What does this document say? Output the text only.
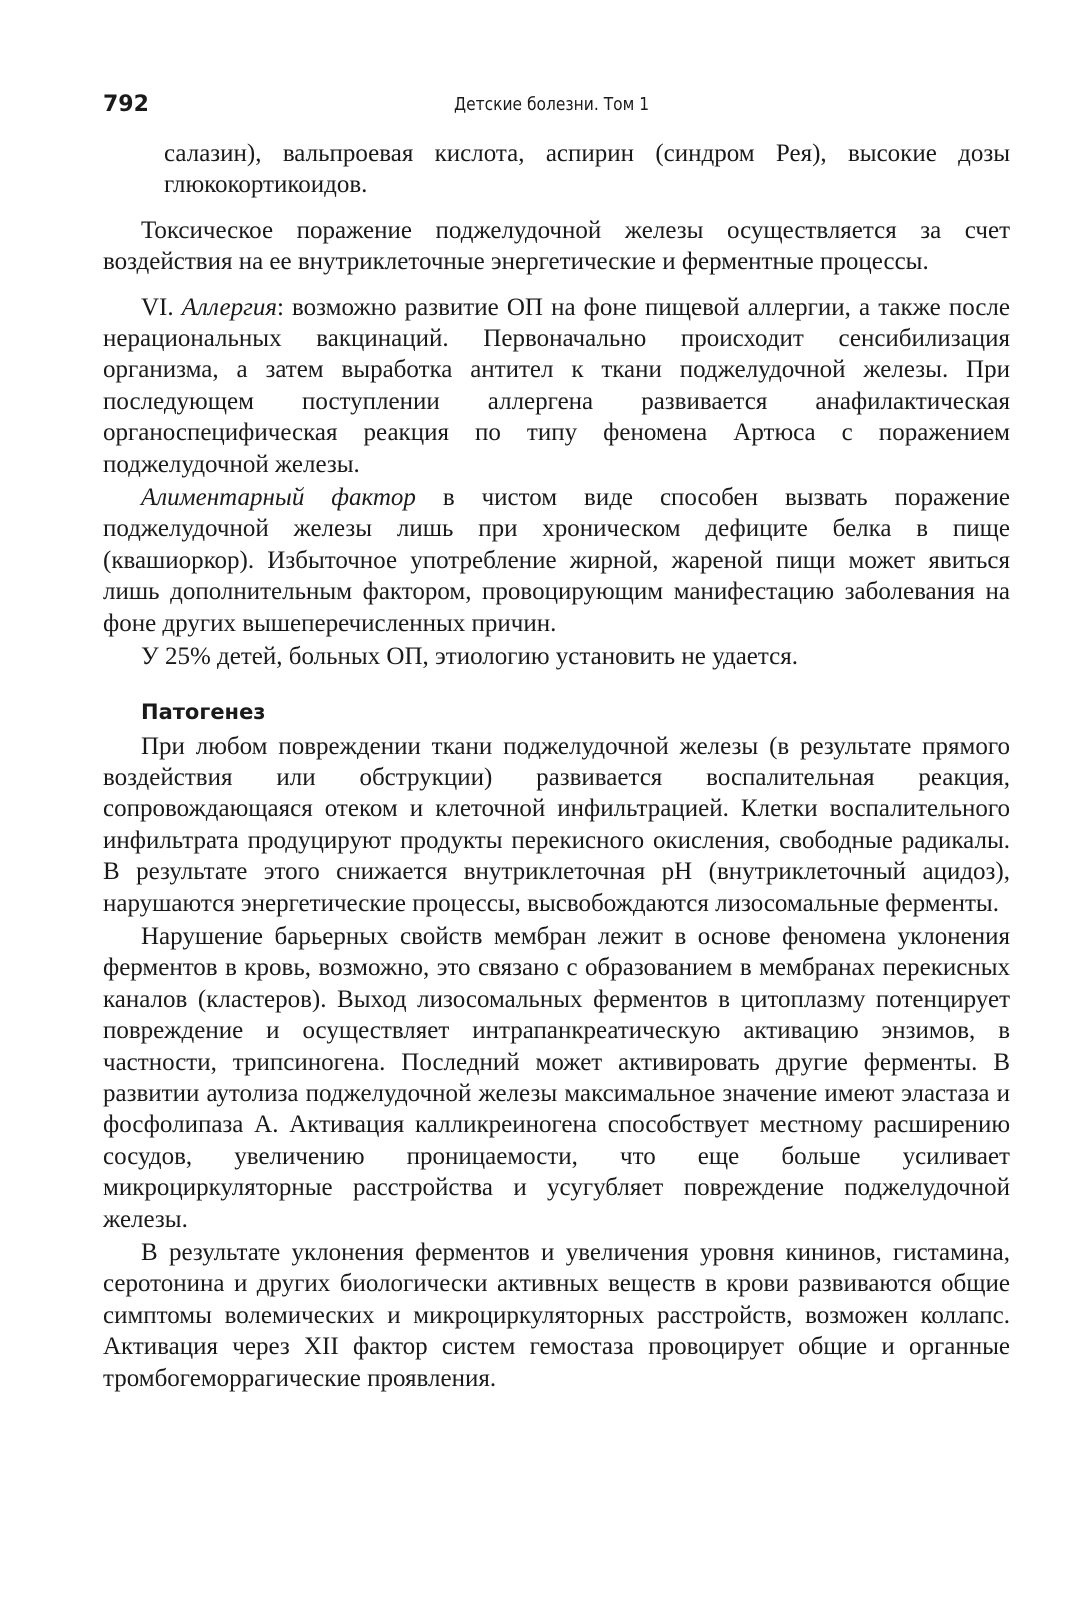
792	Детские болезни. Том 1

салазин), вальпроевая кислота, аспирин (синдром Рея), высокие дозы глюкокортикоидов.

Токсическое поражение поджелудочной железы осуществляется за счет воздействия на ее внутриклеточные энергетические и ферментные процессы.

VI. Аллергия: возможно развитие ОП на фоне пищевой аллергии, а также после нерациональных вакцинаций. Первоначально происходит сенсибилизация организма, а затем выработка антител к ткани поджелудочной железы. При последующем поступлении аллергена развивается анафилактическая органоспецифическая реакция по типу феномена Артюса с поражением поджелудочной железы.

Алиментарный фактор в чистом виде способен вызвать поражение поджелудочной железы лишь при хроническом дефиците белка в пище (квашиоркор). Избыточное употребление жирной, жареной пищи может явиться лишь дополнительным фактором, провоцирующим манифестацию заболевания на фоне других вышеперечисленных причин.

У 25% детей, больных ОП, этиологию установить не удается.

Патогенез

При любом повреждении ткани поджелудочной железы (в результате прямого воздействия или обструкции) развивается воспалительная реакция, сопровождающаяся отеком и клеточной инфильтрацией. Клетки воспалительного инфильтрата продуцируют продукты перекисного окисления, свободные радикалы. В результате этого снижается внутриклеточная рН (внутриклеточный ацидоз), нарушаются энергетические процессы, высвобождаются лизосомальные ферменты.

Нарушение барьерных свойств мембран лежит в основе феномена уклонения ферментов в кровь, возможно, это связано с образованием в мембранах перекисных каналов (кластеров). Выход лизосомальных ферментов в цитоплазму потенцирует повреждение и осуществляет интрапанкреатическую активацию энзимов, в частности, трипсиногена. Последний может активировать другие ферменты. В развитии аутолиза поджелудочной железы максимальное значение имеют эластаза и фосфолипаза А. Активация калликреиногена способствует местному расширению сосудов, увеличению проницаемости, что еще больше усиливает микроциркуляторные расстройства и усугубляет повреждение поджелудочной железы.

В результате уклонения ферментов и увеличения уровня кининов, гистамина, серотонина и других биологически активных веществ в крови развиваются общие симптомы волемических и микроциркуляторных расстройств, возможен коллапс. Активация через XII фактор систем гемостаза провоцирует общие и органные тромбогеморрагические проявления.
